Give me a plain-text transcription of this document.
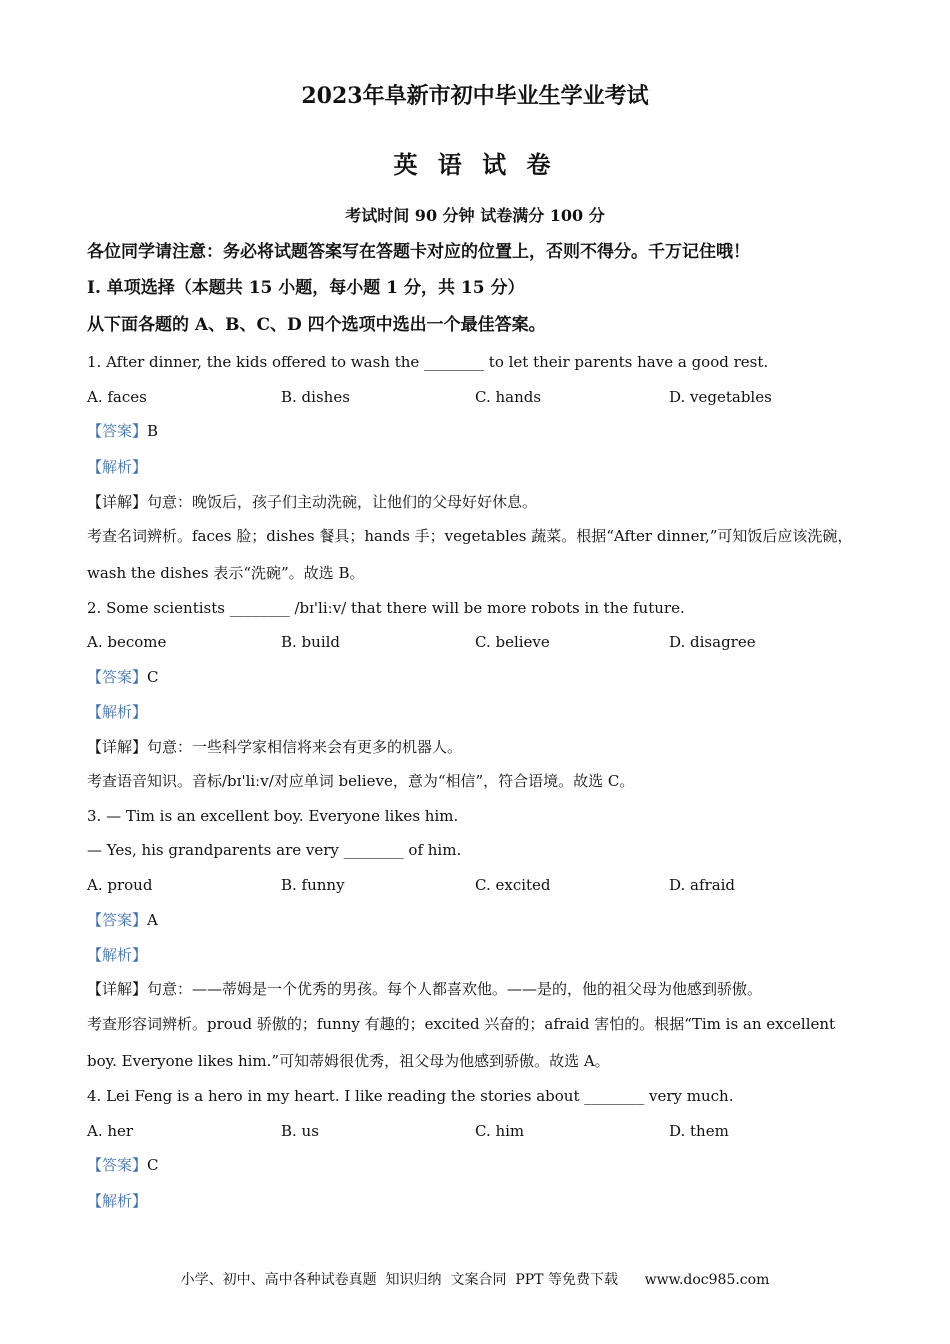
2023年阜新市初中毕业生学业考试
英 语 试 卷
考试时间 90 分钟 试卷满分 100 分
各位同学请注意：务必将试题答案写在答题卡对应的位置上，否则不得分。千万记住哦！
I. 单项选择（本题共 15 小题，每小题 1 分，共 15 分）
从下面各题的 A、B、C、D 四个选项中选出一个最佳答案。
1. After dinner, the kids offered to wash the ________ to let their parents have a good rest.
A. faces	B. dishes	C. hands	D. vegetables
【答案】B
【解析】
【详解】句意：晚饭后，孩子们主动洗碗，让他们的父母好好休息。
考查名词辨析。faces 脸；dishes 餐具；hands 手；vegetables 蔬菜。根据“After dinner,”可知饭后应该洗碗，
wash the dishes 表示“洗碗”。故选 B。
2. Some scientists ________ /bɪ'liːv/ that there will be more robots in the future.
A. become	B. build	C. believe	D. disagree
【答案】C
【解析】
【详解】句意：一些科学家相信将来会有更多的机器人。
考查语音知识。音标/bɪ'liːv/对应单词 believe，意为“相信”，符合语境。故选 C。
3. — Tim is an excellent boy. Everyone likes him.
— Yes, his grandparents are very ________ of him.
A. proud	B. funny	C. excited	D. afraid
【答案】A
【解析】
【详解】句意：——蒂姆是一个优秀的男孩。每个人都喜欢他。——是的，他的祖父母为他感到骄傲。
考查形容词辨析。proud 骄傲的；funny 有趣的；excited 兴奋的；afraid 害怕的。根据“Tim is an excellent
boy. Everyone likes him.”可知蒂姆很优秀，祖父母为他感到骄傲。故选 A。
4. Lei Feng is a hero in my heart. I like reading the stories about ________ very much.
A. her	B. us	C. him	D. them
【答案】C
【解析】
小学、初中、高中各种试卷真题  知识归纳  文案合同  PPT 等免费下载      www.doc985.com
